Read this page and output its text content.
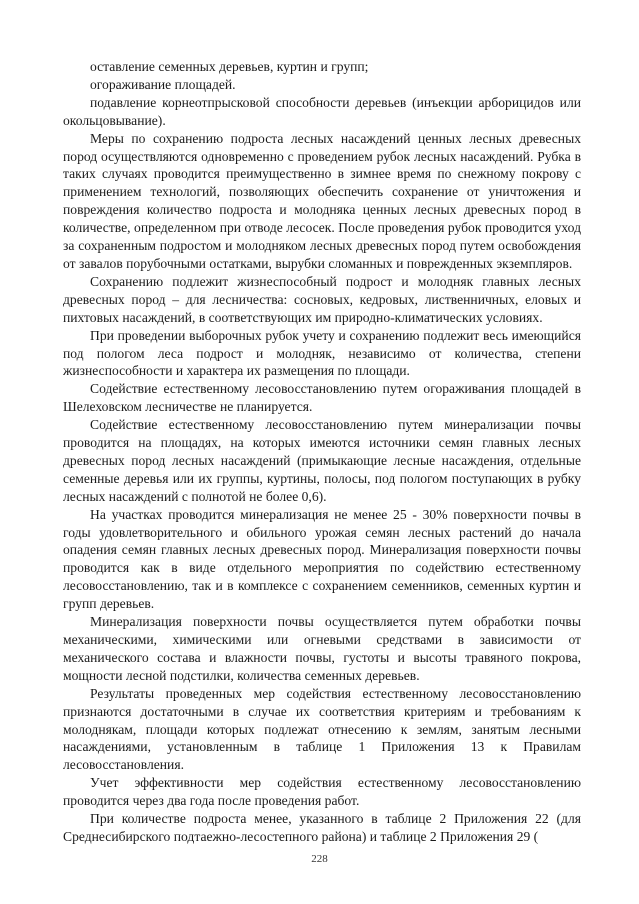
оставление семенных деревьев, куртин и групп;

огораживание площадей.

подавление корнеотпрысковой способности деревьев (инъекции арборицидов или окольцовывание).

Меры по сохранению подроста лесных насаждений ценных лесных древесных пород осуществляются одновременно с проведением рубок лесных насаждений. Рубка в таких случаях проводится преимущественно в зимнее время по снежному покрову с применением технологий, позволяющих обеспечить сохранение от уничтожения и повреждения количество подроста и молодняка ценных лесных древесных пород в количестве, определенном при отводе лесосек. После проведения рубок проводится уход за сохраненным подростом и молодняком лесных древесных пород путем освобождения от завалов порубочными остатками, вырубки сломанных и поврежденных экземпляров.

Сохранению подлежит жизнеспособный подрост и молодняк главных лесных древесных пород – для лесничества: сосновых, кедровых, лиственничных, еловых и пихтовых насаждений, в соответствующих им природно-климатических условиях.

При проведении выборочных рубок учету и сохранению подлежит весь имеющийся под пологом леса подрост и молодняк, независимо от количества, степени жизнеспособности и характера их размещения по площади.

Содействие естественному лесовосстановлению путем огораживания площадей в Шелеховском лесничестве не планируется.

Содействие естественному лесовосстановлению путем минерализации почвы проводится на площадях, на которых имеются источники семян главных лесных древесных пород лесных насаждений (примыкающие лесные насаждения, отдельные семенные деревья или их группы, куртины, полосы, под пологом поступающих в рубку лесных насаждений с полнотой не более 0,6).

На участках проводится минерализация не менее 25 - 30% поверхности почвы в годы удовлетворительного и обильного урожая семян лесных растений до начала опадения семян главных лесных древесных пород. Минерализация поверхности почвы проводится как в виде отдельного мероприятия по содействию естественному лесовосстановлению, так и в комплексе с сохранением семенников, семенных куртин и групп деревьев.

Минерализация поверхности почвы осуществляется путем обработки почвы механическими, химическими или огневыми средствами в зависимости от механического состава и влажности почвы, густоты и высоты травяного покрова, мощности лесной подстилки, количества семенных деревьев.

Результаты проведенных мер содействия естественному лесовосстановлению признаются достаточными в случае их соответствия критериям и требованиям к молоднякам, площади которых подлежат отнесению к землям, занятым лесными насаждениями, установленным в таблице 1 Приложения 13 к Правилам лесовосстановления.

Учет эффективности мер содействия естественному лесовосстановлению проводится через два года после проведения работ.

При количестве подроста менее, указанного в таблице 2 Приложения 22 (для Среднесибирского подтаежно-лесостепного района) и таблице 2 Приложения 29 (

228
